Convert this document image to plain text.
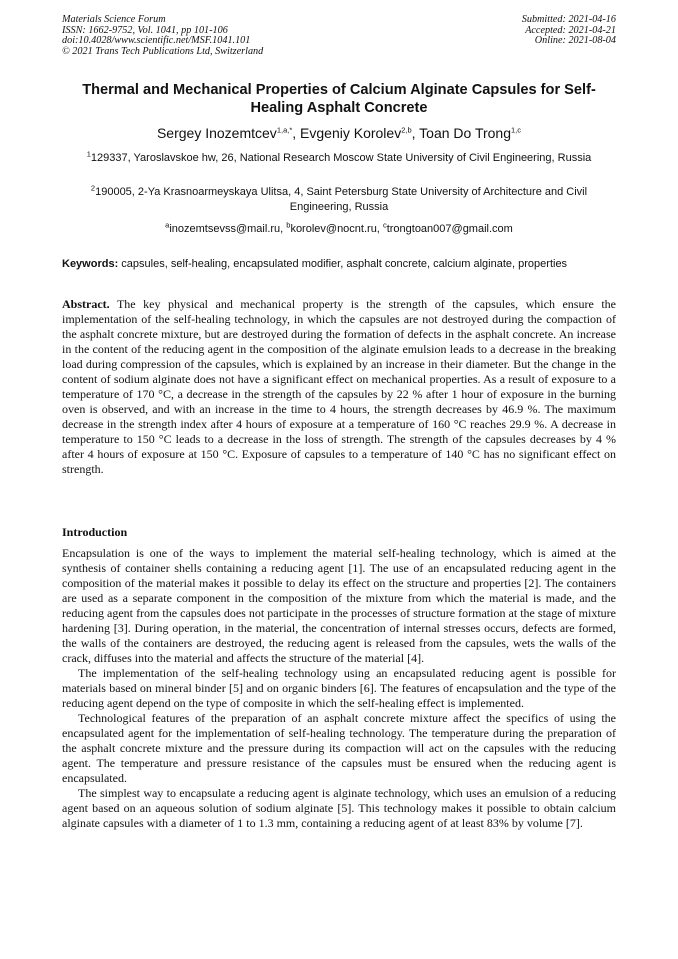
Materials Science Forum
ISSN: 1662-9752, Vol. 1041, pp 101-106
doi:10.4028/www.scientific.net/MSF.1041.101
© 2021 Trans Tech Publications Ltd, Switzerland
Submitted: 2021-04-16
Accepted: 2021-04-21
Online: 2021-08-04
Thermal and Mechanical Properties of Calcium Alginate Capsules for Self-Healing Asphalt Concrete
Sergey Inozemtcev$^{1,a,*}$, Evgeniy Korolev$^{2,b}$, Toan Do Trong$^{1,c}$
$^1$129337, Yaroslavskoe hw, 26, National Research Moscow State University of Civil Engineering, Russia
$^2$190005, 2-Ya Krasnoarmeyskaya Ulitsa, 4, Saint Petersburg State University of Architecture and Civil Engineering, Russia
$^a$inozemtsevss@mail.ru, $^b$korolev@nocnt.ru, $^c$trongtoan007@gmail.com
Keywords: capsules, self-healing, encapsulated modifier, asphalt concrete, calcium alginate, properties
Abstract. The key physical and mechanical property is the strength of the capsules, which ensure the implementation of the self-healing technology, in which the capsules are not destroyed during the compaction of the asphalt concrete mixture, but are destroyed during the formation of defects in the asphalt concrete. An increase in the content of the reducing agent in the composition of the alginate emulsion leads to a decrease in the breaking load during compression of the capsules, which is explained by an increase in their diameter. But the change in the content of sodium alginate does not have a significant effect on mechanical properties. As a result of exposure to a temperature of 170 °C, a decrease in the strength of the capsules by 22 % after 1 hour of exposure in the burning oven is observed, and with an increase in the time to 4 hours, the strength decreases by 46.9 %. The maximum decrease in the strength index after 4 hours of exposure at a temperature of 160 °C reaches 29.9 %. A decrease in temperature to 150 °C leads to a decrease in the loss of strength. The strength of the capsules decreases by 4 % after 4 hours of exposure at 150 °C. Exposure of capsules to a temperature of 140 °C has no significant effect on strength.
Introduction

Encapsulation is one of the ways to implement the material self-healing technology, which is aimed at the synthesis of container shells containing a reducing agent [1]. The use of an encapsulated reducing agent in the composition of the material makes it possible to delay its effect on the structure and properties [2]. The containers are used as a separate component in the composition of the mixture from which the material is made, and the reducing agent from the capsules does not participate in the processes of structure formation at the stage of mixture hardening [3]. During operation, in the material, the concentration of internal stresses occurs, defects are formed, the walls of the containers are destroyed, the reducing agent is released from the capsules, wets the walls of the crack, diffuses into the material and affects the structure of the material [4].

The implementation of the self-healing technology using an encapsulated reducing agent is possible for materials based on mineral binder [5] and on organic binders [6]. The features of encapsulation and the type of the reducing agent depend on the type of composite in which the self-healing effect is implemented.

Technological features of the preparation of an asphalt concrete mixture affect the specifics of using the encapsulated agent for the implementation of self-healing technology. The temperature during the preparation of the asphalt concrete mixture and the pressure during its compaction will act on the capsules with the reducing agent. The temperature and pressure resistance of the capsules must be ensured when the reducing agent is encapsulated.

The simplest way to encapsulate a reducing agent is alginate technology, which uses an emulsion of a reducing agent based on an aqueous solution of sodium alginate [5]. This technology makes it possible to obtain calcium alginate capsules with a diameter of 1 to 1.3 mm, containing a reducing agent of at least 83% by volume [7].
